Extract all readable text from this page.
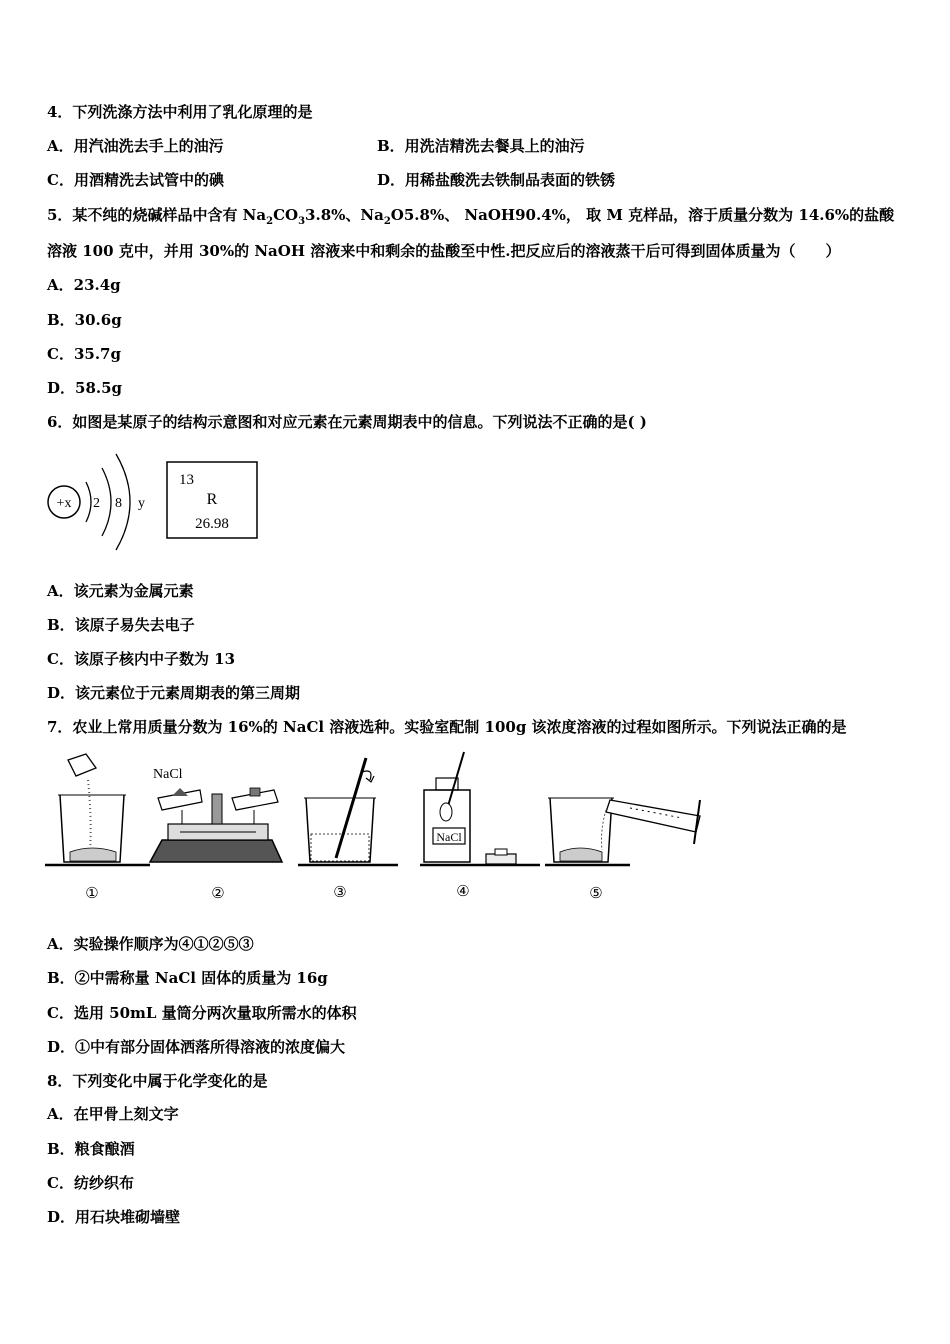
4．下列洗涤方法中利用了乳化原理的是
A．用汽油洗去手上的油污	B．用洗洁精洗去餐具上的油污
C．用酒精洗去试管中的碘	D．用稀盐酸洗去铁制品表面的铁锈
5．某不纯的烧碱样品中含有 $Na_2CO_33.8\%$、$Na_2O5.8\%$、 NaOH90.4%， 取 M 克样品，溶于质量分数为 14.6%的盐酸
溶液 100 克中，并用 30%的 NaOH 溶液来中和剩余的盐酸至中性.把反应后的溶液蒸干后可得到固体质量为（　　）
A．23.4g
B．30.6g
C．35.7g
D．58.5g
6．如图是某原子的结构示意图和对应元素在元素周期表中的信息。下列说法不正确的是( )
+x 2 8 y
13
R
26.98
A．该元素为金属元素
B．该原子易失去电子
C．该原子核内中子数为 13
D．该元素位于元素周期表的第三周期
7．农业上常用质量分数为 16%的 NaCl 溶液选种。实验室配制 100g 该浓度溶液的过程如图所示。下列说法正确的是
NaCl
NaCl
①	②	③	④	⑤
A．实验操作顺序为④①②⑤③
B．②中需称量 NaCl 固体的质量为 16g
C．选用 50mL 量筒分两次量取所需水的体积
D．①中有部分固体洒落所得溶液的浓度偏大
8．下列变化中属于化学变化的是
A．在甲骨上刻文字
B．粮食酿酒
C．纺纱织布
D．用石块堆砌墙壁
